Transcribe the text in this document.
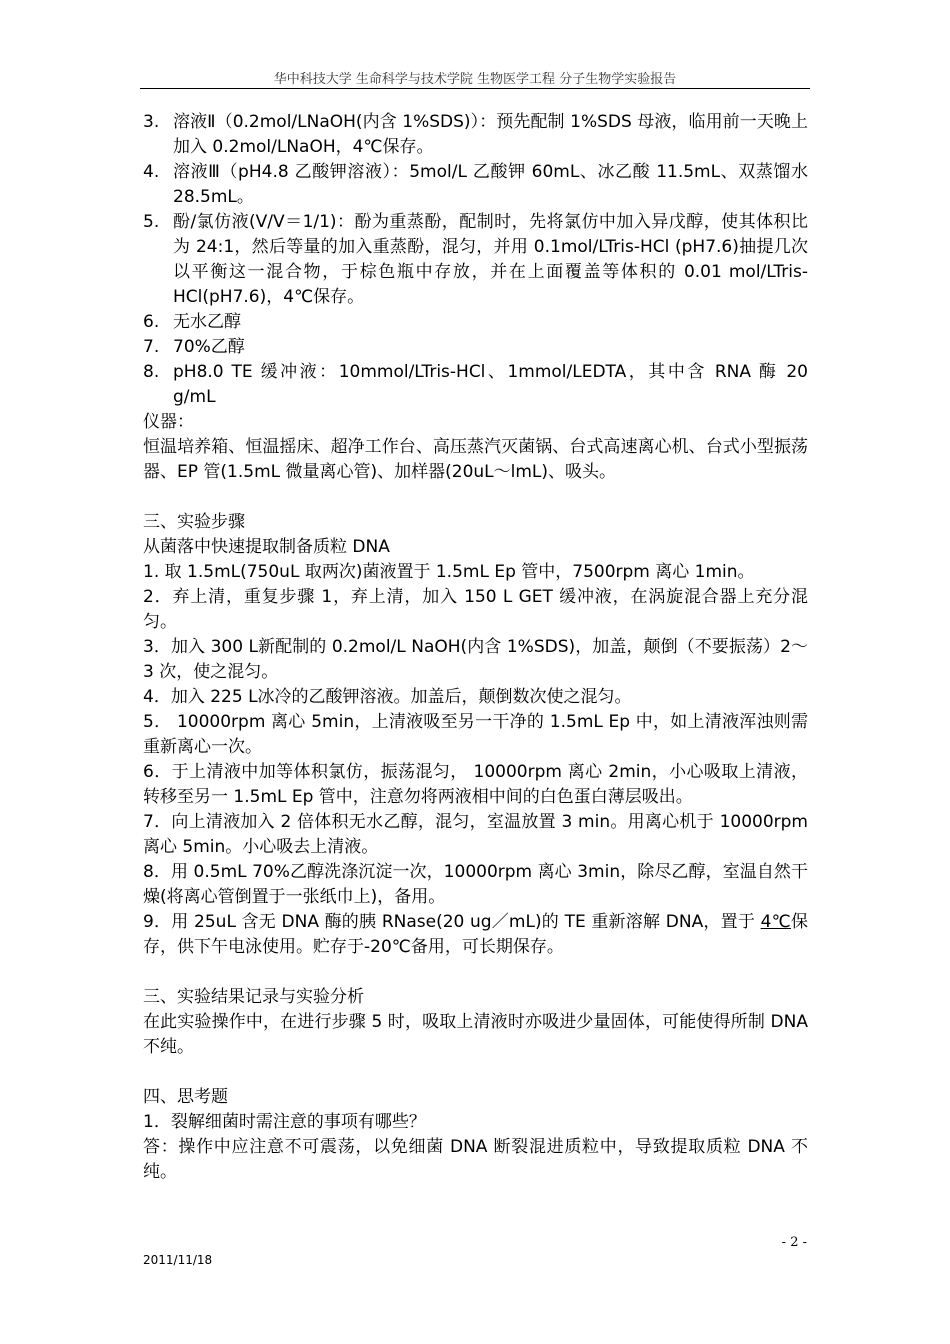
华中科技大学 生命科学与技术学院 生物医学工程 分子生物学实验报告
3. 溶液Ⅱ（0.2mol/LNaOH(内含 1%SDS)）：预先配制 1%SDS 母液，临用前一天晚上加入 0.2mol/LNaOH，4℃保存。
4. 溶液Ⅲ（pH4.8 乙酸钾溶液）：5mol/L 乙酸钾 60mL、冰乙酸 11.5mL、双蒸馏水 28.5mL。
5. 酚/氯仿液(V/V＝1/1)：酚为重蒸酚，配制时，先将氯仿中加入异戊醇，使其体积比为 24:1，然后等量的加入重蒸酚，混匀，并用 0.1mol/LTris-HCl (pH7.6)抽提几次以平衡这一混合物，于棕色瓶中存放，并在上面覆盖等体积的 0.01 mol/LTris-HCl(pH7.6)，4℃保存。
6. 无水乙醇
7. 70%乙醇
8. pH8.0 TE 缓冲液：10mmol/LTris-HCl、1mmol/LEDTA，其中含 RNA 酶 20 g/mL

仪器：

恒温培养箱、恒温摇床、超净工作台、高压蒸汽灭菌锅、台式高速离心机、台式小型振荡器、EP 管(1.5mL 微量离心管)、加样器(20uL～lmL)、吸头。

三、实验步骤

从菌落中快速提取制备质粒 DNA

1. 取 1.5mL(750uL 取两次)菌液置于 1.5mL Ep 管中，7500rpm 离心 1min。

2．弃上清，重复步骤 1，弃上清，加入 150 L GET 缓冲液，在涡旋混合器上充分混匀。

3．加入 300 L新配制的 0.2mol/L NaOH(内含 1%SDS)，加盖，颠倒（不要振荡）2～3 次，使之混匀。

4．加入 225 L冰冷的乙酸钾溶液。加盖后，颠倒数次使之混匀。

5． 10000rpm 离心 5min，上清液吸至另一干净的 1.5mL Ep 中，如上清液浑浊则需重新离心一次。

6．于上清液中加等体积氯仿，振荡混匀， 10000rpm 离心 2min，小心吸取上清液，转移至另一 1.5mL Ep 管中，注意勿将两液相中间的白色蛋白薄层吸出。

7．向上清液加入 2 倍体积无水乙醇，混匀，室温放置 3 min。用离心机于 10000rpm 离心 5min。小心吸去上清液。

8．用 0.5mL 70%乙醇洗涤沉淀一次，10000rpm 离心 3min，除尽乙醇，室温自然干燥(将离心管倒置于一张纸巾上)，备用。

9．用 25uL 含无 DNA 酶的胰 RNase(20 ug／mL)的 TE 重新溶解 DNA，置于 4℃保存，供下午电泳使用。贮存于-20℃备用，可长期保存。

三、实验结果记录与实验分析

在此实验操作中，在进行步骤 5 时，吸取上清液时亦吸进少量固体，可能使得所制 DNA 不纯。

四、思考题

1．裂解细菌时需注意的事项有哪些？

答：操作中应注意不可震荡，以免细菌 DNA 断裂混进质粒中，导致提取质粒 DNA 不纯。

- 2 -
2011/11/18
